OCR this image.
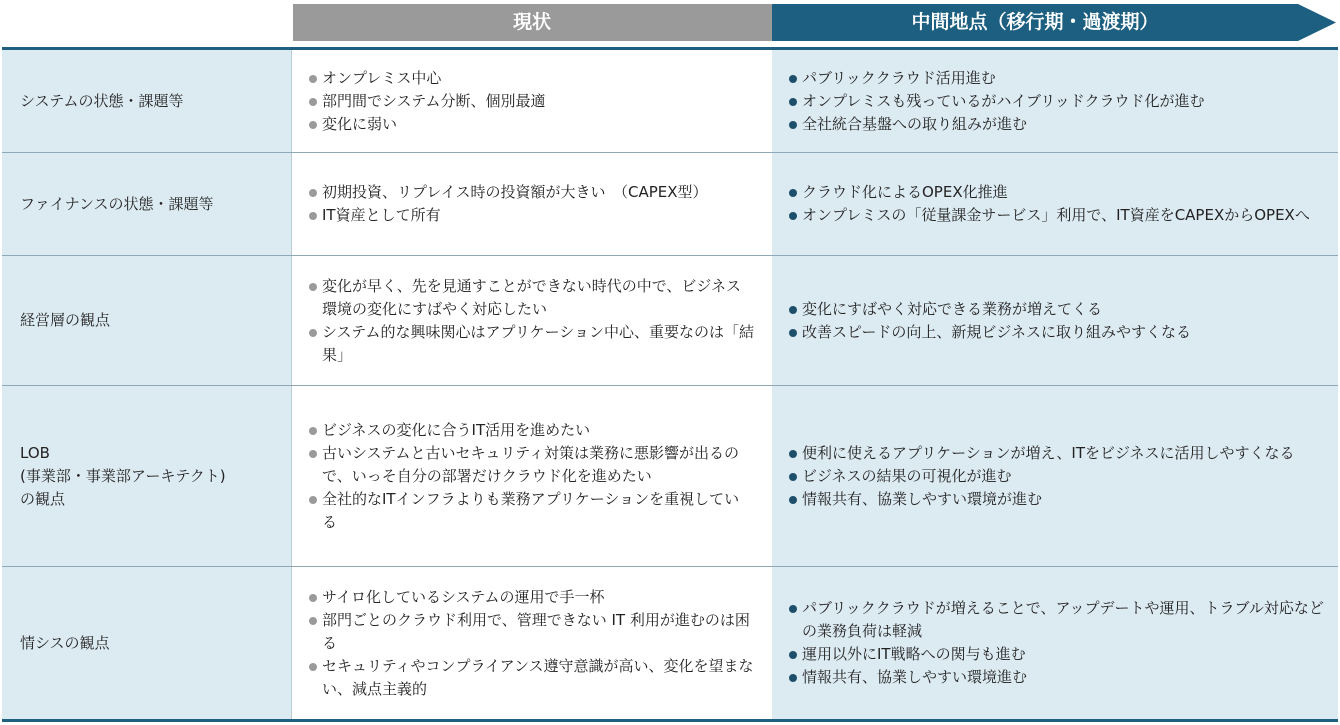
現状	中間地点（移行期・過渡期）
システムの状態・課題等
オンプレミス中心
部門間でシステム分断、個別最適
変化に弱い
パブリッククラウド活用進む
オンプレミスも残っているがハイブリッドクラウド化が進む
全社統合基盤への取り組みが進む
ファイナンスの状態・課題等
初期投資、リプレイス時の投資額が大きい　（CAPEX型）
IT資産として所有
クラウド化によるOPEX化推進
オンプレミスの「従量課金サービス」利用で、IT資産をCAPEXからOPEXへ
経営層の観点
変化が早く、先を見通すことができない時代の中で、ビジネス環境の変化にすばやく対応したい
システム的な興味関心はアプリケーション中心、重要なのは「結果」
変化にすばやく対応できる業務が増えてくる
改善スピードの向上、新規ビジネスに取り組みやすくなる
LOB
(事業部・事業部アーキテクト)
の観点
ビジネスの変化に合うIT活用を進めたい
古いシステムと古いセキュリティ対策は業務に悪影響が出るので、いっそ自分の部署だけクラウド化を進めたい
全社的なITインフラよりも業務アプリケーションを重視している
便利に使えるアプリケーションが増え、ITをビジネスに活用しやすくなる
ビジネスの結果の可視化が進む
情報共有、協業しやすい環境が進む
情シスの観点
サイロ化しているシステムの運用で手一杯
部門ごとのクラウド利用で、管理できない IT 利用が進むのは困る
セキュリティやコンプライアンス遵守意識が高い、変化を望まない、減点主義的
パブリッククラウドが増えることで、アップデートや運用、トラブル対応などの業務負荷は軽減
運用以外にIT戦略への関与も進む
情報共有、協業しやすい環境進む
